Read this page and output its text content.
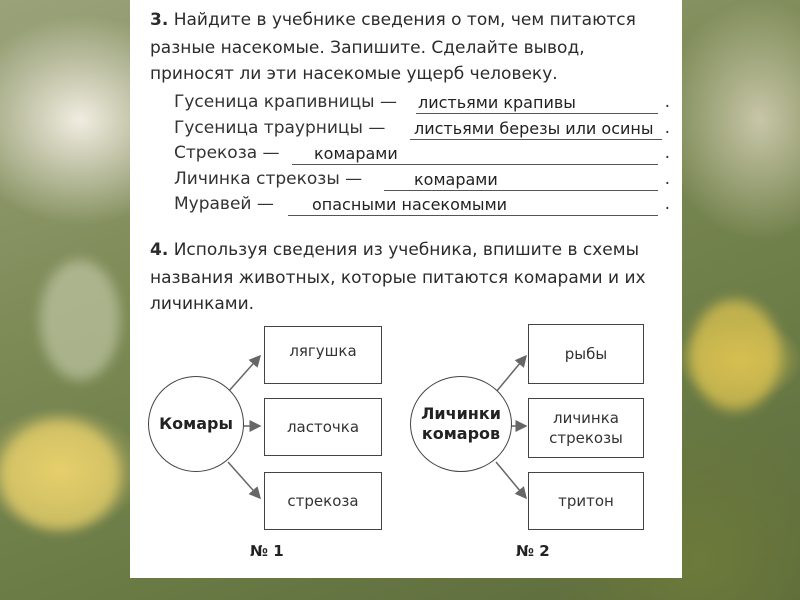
3. Найдите в учебнике сведения о том, чем питаются

разные насекомые. Запишите. Сделайте вывод,

приносят ли эти насекомые ущерб человеку.

Гусеница крапивницы — листьями крапивы	.
Гусеница траурницы — листьями березы или осины .
Стрекоза — комарами	.
Личинка стрекозы —	комарами	.
Муравей — опасными насекомыми	.

4. Используя сведения из учебника, впишите в схемы

названия животных, которые питаются комарами и их

личинками.

Комары
лягушка
ласточка
стрекоза
№ 1
Личинки
комаров
рыбы
личинка стрекозы
тритон
№ 2
